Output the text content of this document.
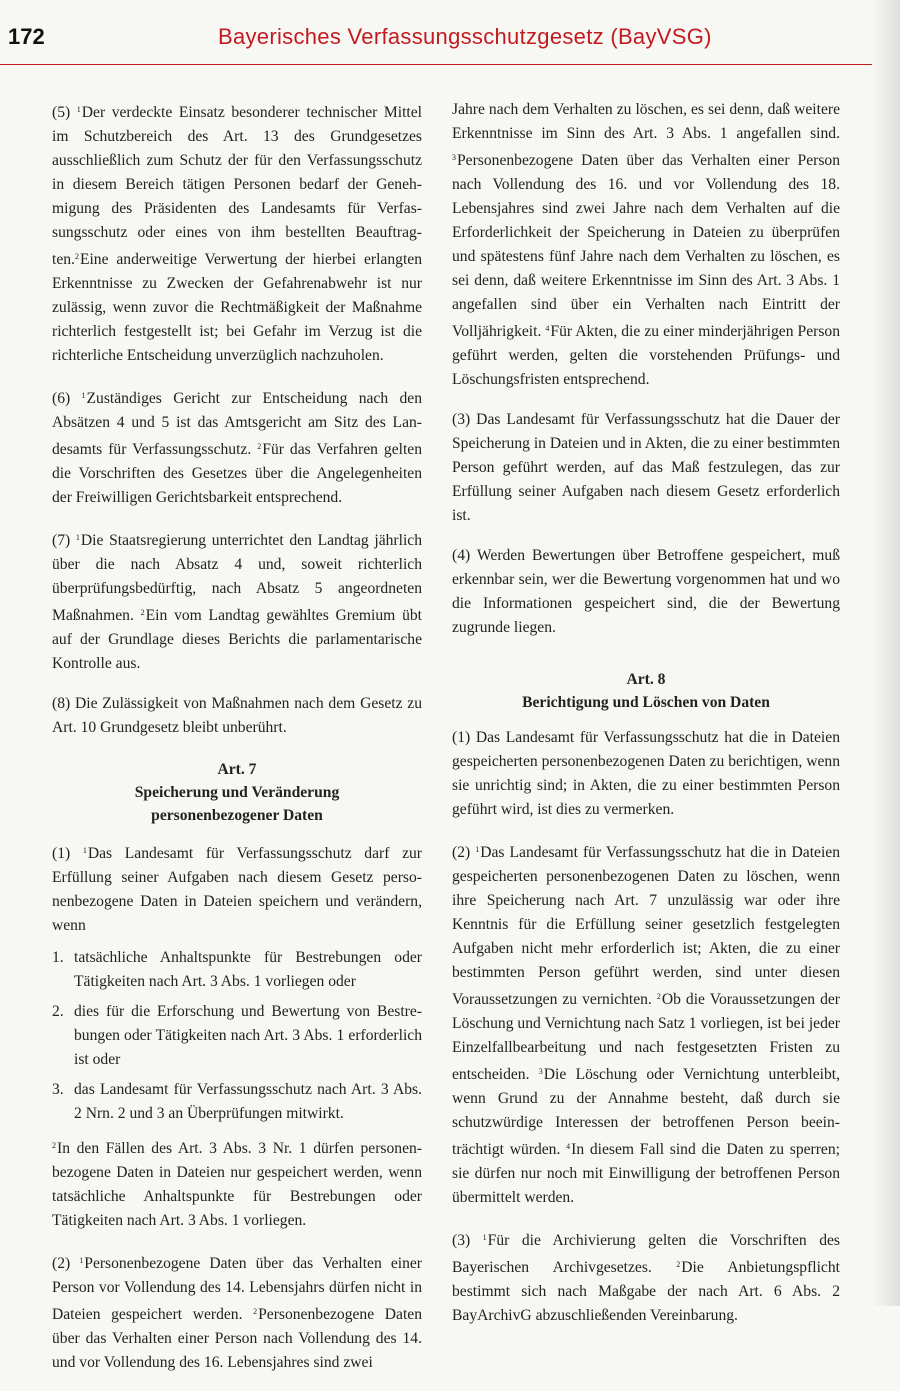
172	Bayerisches Verfassungsschutzgesetz (BayVSG)

(5) $^1$Der verdeckte Einsatz besonderer technischer Mittel im Schutzbereich des Art. 13 des Grundgesetzes ausschließlich zum Schutz der für den Verfassungsschutz in diesem Bereich tätigen Personen bedarf der Genehmigung des Präsidenten des Landesamts für Verfassungsschutz oder eines von ihm bestellten Beauftragten.$^2$Eine anderweitige Verwertung der hierbei erlangten Erkenntnisse zu Zwecken der Gefahrenabwehr ist nur zulässig, wenn zuvor die Rechtmäßigkeit der Maßnahme richterlich festgestellt ist; bei Gefahr im Verzug ist die richterliche Entscheidung unverzüglich nachzuholen.

(6) $^1$Zuständiges Gericht zur Entscheidung nach den Absätzen 4 und 5 ist das Amtsgericht am Sitz des Landesamts für Verfassungsschutz. $^2$Für das Verfahren gelten die Vorschriften des Gesetzes über die Angelegenheiten der Freiwilligen Gerichtsbarkeit entsprechend.

(7) $^1$Die Staatsregierung unterrichtet den Landtag jährlich über die nach Absatz 4 und, soweit richterlich überprüfungsbedürftig, nach Absatz 5 angeordneten Maßnahmen. $^2$Ein vom Landtag gewähltes Gremium übt auf der Grundlage dieses Berichts die parlamentarische Kontrolle aus.

(8) Die Zulässigkeit von Maßnahmen nach dem Gesetz zu Art. 10 Grundgesetz bleibt unberührt.

Art. 7
Speicherung und Veränderung
personenbezogener Daten

(1) $^1$Das Landesamt für Verfassungsschutz darf zur Erfüllung seiner Aufgaben nach diesem Gesetz personenbezogene Daten in Dateien speichern und verändern, wenn

1. tatsächliche Anhaltspunkte für Bestrebungen oder Tätigkeiten nach Art. 3 Abs. 1 vorliegen oder
2. dies für die Erforschung und Bewertung von Bestrebungen oder Tätigkeiten nach Art. 3 Abs. 1 erforderlich ist oder
3. das Landesamt für Verfassungsschutz nach Art. 3 Abs. 2 Nrn. 2 und 3 an Überprüfungen mitwirkt.

$^2$In den Fällen des Art. 3 Abs. 3 Nr. 1 dürfen personenbezogene Daten in Dateien nur gespeichert werden, wenn tatsächliche Anhaltspunkte für Bestrebungen oder Tätigkeiten nach Art. 3 Abs. 1 vorliegen.

(2) $^1$Personenbezogene Daten über das Verhalten einer Person vor Vollendung des 14. Lebensjahrs dürfen nicht in Dateien gespeichert werden. $^2$Personenbezogene Daten über das Verhalten einer Person nach Vollendung des 14. und vor Vollendung des 16. Lebensjahres sind zwei

Jahre nach dem Verhalten zu löschen, es sei denn, daß weitere Erkenntnisse im Sinn des Art. 3 Abs. 1 angefallen sind. $^3$Personenbezogene Daten über das Verhalten einer Person nach Vollendung des 16. und vor Vollendung des 18. Lebensjahres sind zwei Jahre nach dem Verhalten auf die Erforderlichkeit der Speicherung in Dateien zu überprüfen und spätestens fünf Jahre nach dem Verhalten zu löschen, es sei denn, daß weitere Erkenntnisse im Sinn des Art. 3 Abs. 1 angefallen sind über ein Verhalten nach Eintritt der Volljährigkeit. $^4$Für Akten, die zu einer minderjährigen Person geführt werden, gelten die vorstehenden Prüfungs- und Löschungsfristen entsprechend.

(3) Das Landesamt für Verfassungsschutz hat die Dauer der Speicherung in Dateien und in Akten, die zu einer bestimmten Person geführt werden, auf das Maß festzulegen, das zur Erfüllung seiner Aufgaben nach diesem Gesetz erforderlich ist.

(4) Werden Bewertungen über Betroffene gespeichert, muß erkennbar sein, wer die Bewertung vorgenommen hat und wo die Informationen gespeichert sind, die der Bewertung zugrunde liegen.

Art. 8
Berichtigung und Löschen von Daten

(1) Das Landesamt für Verfassungsschutz hat die in Dateien gespeicherten personenbezogenen Daten zu berichtigen, wenn sie unrichtig sind; in Akten, die zu einer bestimmten Person geführt wird, ist dies zu vermerken.

(2) $^1$Das Landesamt für Verfassungsschutz hat die in Dateien gespeicherten personenbezogenen Daten zu löschen, wenn ihre Speicherung nach Art. 7 unzulässig war oder ihre Kenntnis für die Erfüllung seiner gesetzlich festgelegten Aufgaben nicht mehr erforderlich ist; Akten, die zu einer bestimmten Person geführt werden, sind unter diesen Voraussetzungen zu vernichten. $^2$Ob die Voraussetzungen der Löschung und Vernichtung nach Satz 1 vorliegen, ist bei jeder Einzelfallbearbeitung und nach festgesetzten Fristen zu entscheiden. $^3$Die Löschung oder Vernichtung unterbleibt, wenn Grund zu der Annahme besteht, daß durch sie schutzwürdige Interessen der betroffenen Person beeinträchtigt würden. $^4$In diesem Fall sind die Daten zu sperren; sie dürfen nur noch mit Einwilligung der betroffenen Person übermittelt werden.

(3) $^1$Für die Archivierung gelten die Vorschriften des Bayerischen Archivgesetzes.	$^2$Die Anbietungspflicht bestimmt sich nach Maßgabe der nach Art. 6 Abs. 2 BayArchivG abzuschließenden Vereinbarung.
